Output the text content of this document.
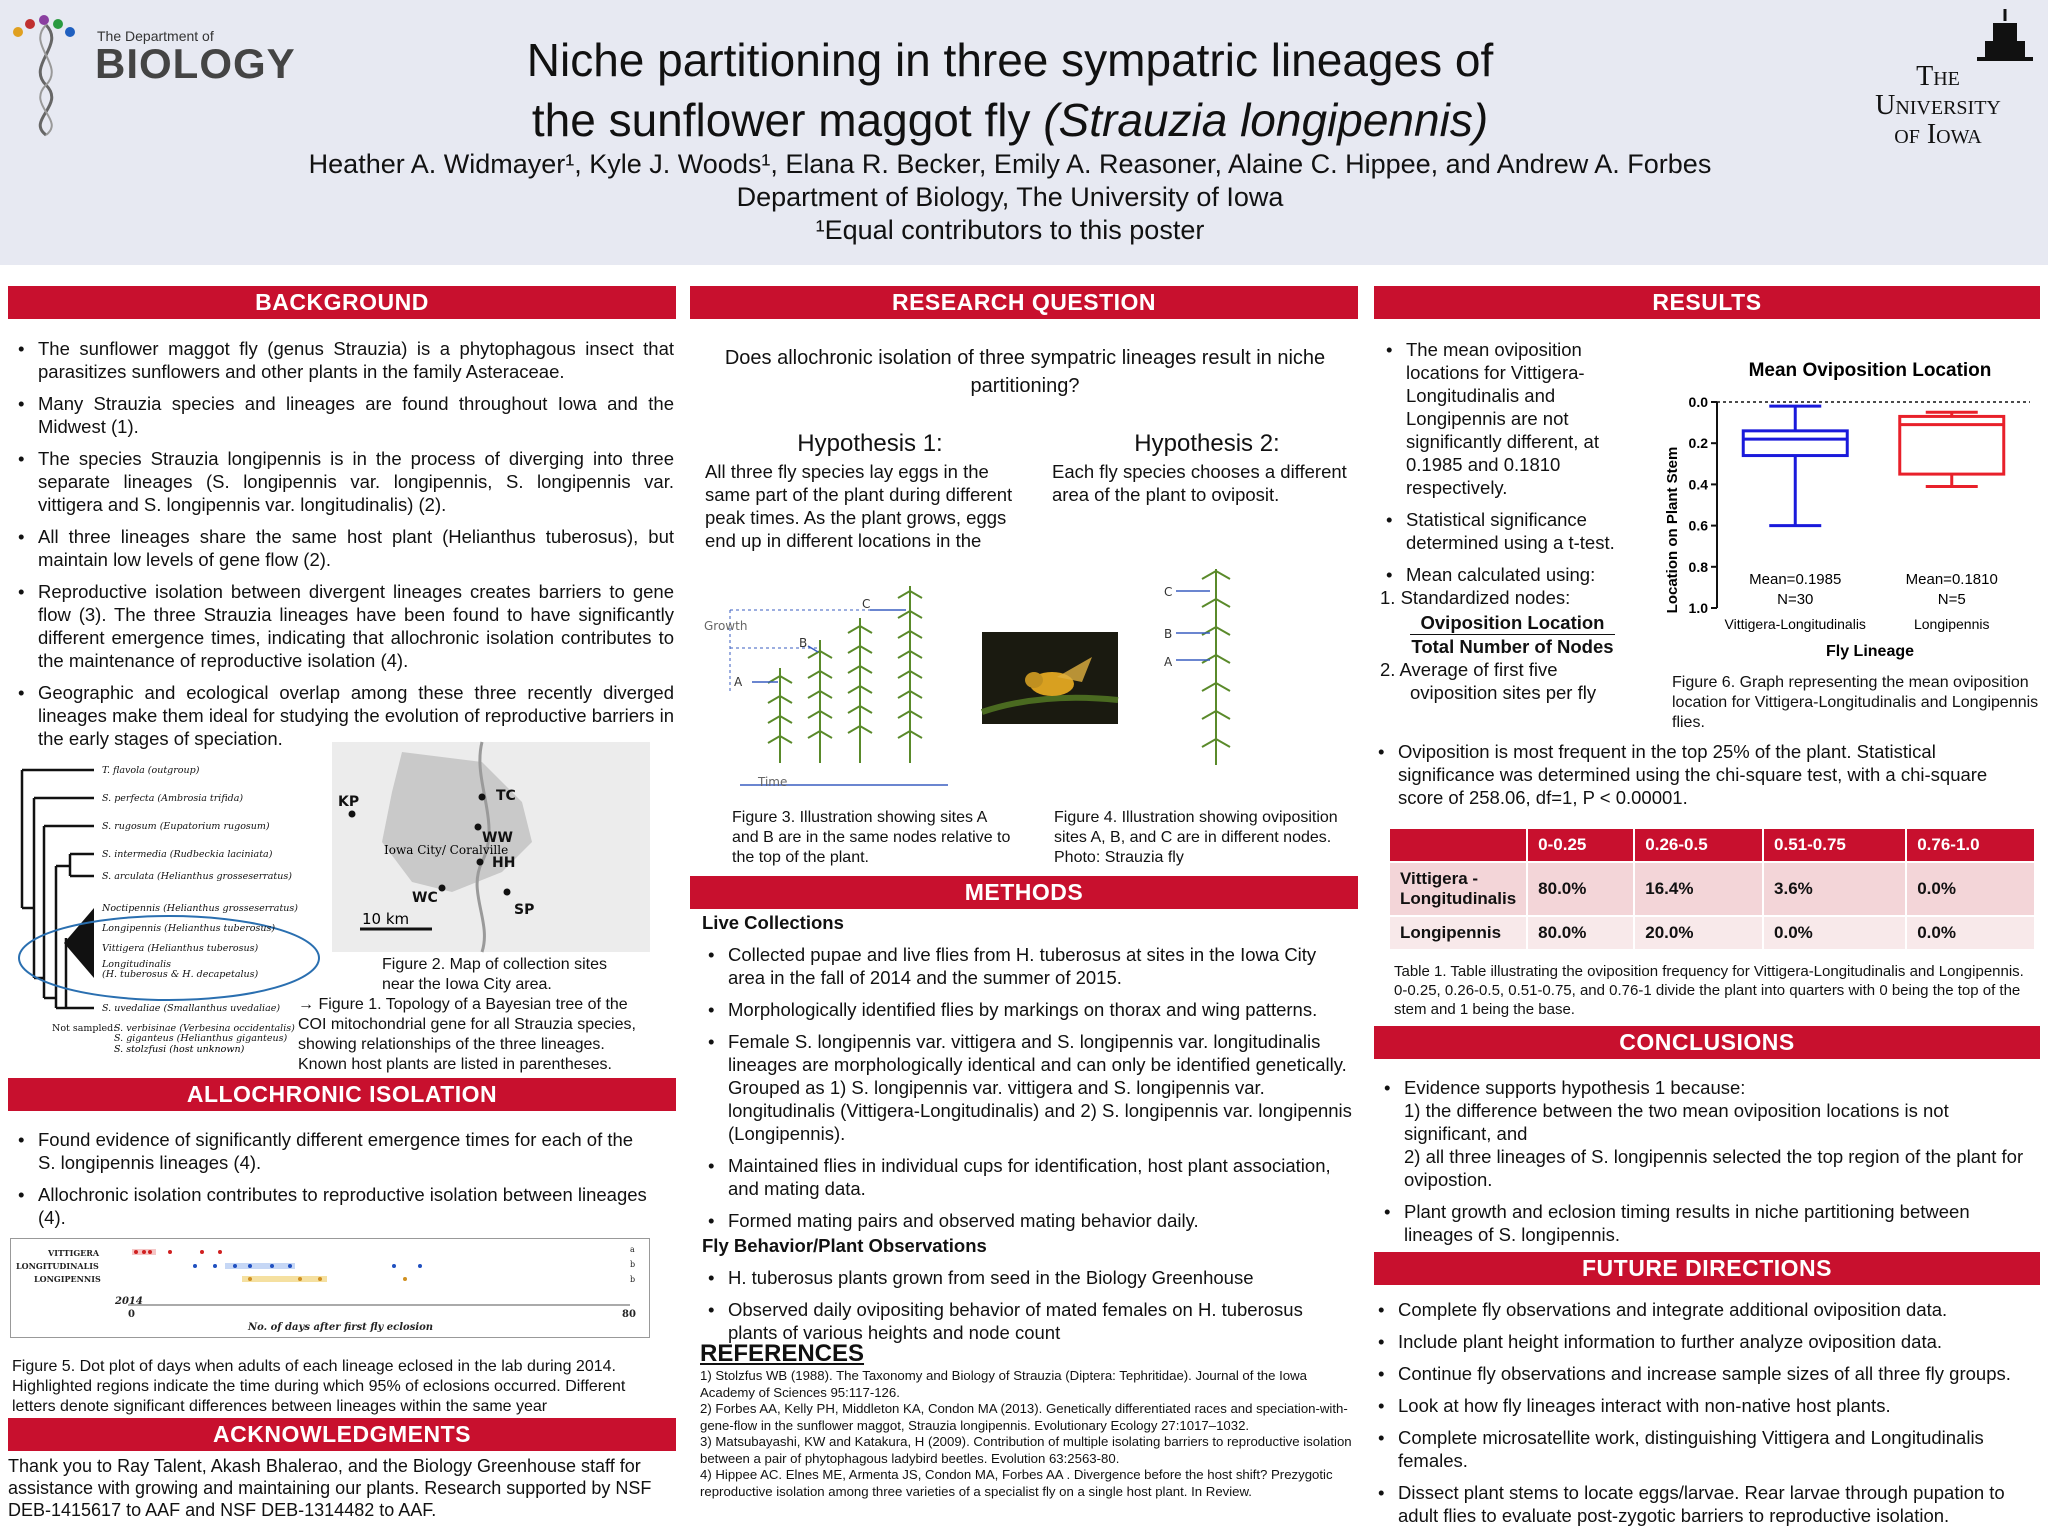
The Department of
BIOLOGY	Niche partitioning in three sympatric lineages of
the sunflower maggot fly (Strauzia longipennis)
Heather A. Widmayer¹, Kyle J. Woods¹, Elana R. Becker, Emily A. Reasoner, Alaine C. Hippee, and Andrew A. Forbes
Department of Biology, The University of Iowa
¹Equal contributors to this poster
The
University
of Iowa
BACKGROUND
• The sunflower maggot fly (genus Strauzia) is a phytophagous insect that parasitizes sunflowers and other plants in the family Asteraceae.
• Many Strauzia species and lineages are found throughout Iowa and the Midwest (1).
• The species Strauzia longipennis is in the process of diverging into three separate lineages (S. longipennis var. longipennis, S. longipennis var. vittigera and S. longipennis var. longitudinalis) (2).
• All three lineages share the same host plant (Helianthus tuberosus), but maintain low levels of gene flow (2).
• Reproductive isolation between divergent lineages creates barriers to gene flow (3). The three Strauzia lineages have been found to have significantly different emergence times, indicating that allochronic isolation contributes to the maintenance of reproductive isolation (4).
• Geographic and ecological overlap among these three recently diverged lineages make them ideal for studying the evolution of reproductive barriers in the early stages of speciation.
T. flavola (outgroup)
S. perfecta (Ambrosia trifida)
S. rugosum (Eupatorium rugosum)
S. intermedia (Rudbeckia laciniata)
S. arculata (Helianthus grosseserratus)
Noctipennis (Helianthus grosseserratus)
Longipennis (Helianthus tuberosus)
Vittigera (Helianthus tuberosus)
Longitudinalis
(H. tuberosus & H. decapetalus)
S. uvedaliae (Smallanthus uvedaliae)
Not sampled:
S. verbisinae (Verbesina occidentalis)
S. giganteus (Helianthus giganteus)
S. stolzfusi (host unknown)
KP	TC
WW
HH
WC
SP
Iowa City/ Coralville
10 km
Figure 2. Map of collection sites near the Iowa City area.
→ Figure 1. Topology of a Bayesian tree of the COI mitochondrial gene for all Strauzia species, showing relationships of the three lineages. Known host plants are listed in parentheses.
ALLOCHRONIC ISOLATION
• Found evidence of significantly different emergence times for each of the S. longipennis lineages (4).
• Allochronic isolation contributes to reproductive isolation between lineages (4).
VITTIGERA
LONGITUDINALIS
LONGIPENNIS
a
b
b
2014
0	80
No. of days after first fly eclosion
Figure 5. Dot plot of days when adults of each lineage eclosed in the lab during 2014. Highlighted regions indicate the time during which 95% of eclosions occurred. Different letters denote significant differences between lineages within the same year
ACKNOWLEDGMENTS
Thank you to Ray Talent, Akash Bhalerao, and the Biology Greenhouse staff for assistance with growing and maintaining our plants. Research supported by NSF DEB-1415617 to AAF and NSF DEB-1314482 to AAF.
RESEARCH QUESTION
Does allochronic isolation of three sympatric lineages result in niche partitioning?
Hypothesis 1:
All three fly species lay eggs in the same part of the plant during different peak times. As the plant grows, eggs end up in different locations in the
Hypothesis 2:
Each fly species chooses a different area of the plant to oviposit.
Growth
Time
A
B
C
A
B
C
Figure 3. Illustration showing sites A and B are in the same nodes relative to the top of the plant.
Figure 4. Illustration showing oviposition sites A, B, and C are in different nodes. Photo: Strauzia fly
METHODS
Live Collections
• Collected pupae and live flies from H. tuberosus at sites in the Iowa City area in the fall of 2014 and the summer of 2015.
• Morphologically identified flies by markings on thorax and wing patterns.
• Female S. longipennis var. vittigera and S. longipennis var. longitudinalis lineages are morphologically identical and can only be identified genetically. Grouped as 1) S. longipennis var. vittigera and S. longipennis var. longitudinalis (Vittigera-Longitudinalis) and 2) S. longipennis var. longipennis (Longipennis).
• Maintained flies in individual cups for identification, host plant association, and mating data.
• Formed mating pairs and observed mating behavior daily.
Fly Behavior/Plant Observations
• H. tuberosus plants grown from seed in the Biology Greenhouse
• Observed daily ovipositing behavior of mated females on H. tuberosus plants of various heights and node count
REFERENCES
1) Stolzfus WB (1988). The Taxonomy and Biology of Strauzia (Diptera: Tephritidae). Journal of the Iowa Academy of Sciences 95:117-126.
2) Forbes AA, Kelly PH, Middleton KA, Condon MA (2013). Genetically differentiated races and speciation-with-gene-flow in the sunflower maggot, Strauzia longipennis. Evolutionary Ecology 27:1017–1032.
3) Matsubayashi, KW and Katakura, H (2009). Contribution of multiple isolating barriers to reproductive isolation between a pair of phytophagous ladybird beetles. Evolution 63:2563-80.
4) Hippee AC. Elnes ME, Armenta JS, Condon MA, Forbes AA . Divergence before the host shift? Prezygotic reproductive isolation among three varieties of a specialist fly on a single host plant. In Review.
RESULTS
• The mean oviposition locations for Vittigera-Longitudinalis and Longipennis are not significantly different, at 0.1985 and 0.1810 respectively.
• Statistical significance determined using a t-test.
• Mean calculated using:
1. Standardized nodes:
Oviposition Location
Total Number of Nodes
2. Average of first five oviposition sites per fly
Mean Oviposition Location
Location on Plant Stem
Fly Lineage
0.0
0.2
0.4
0.6
0.8
1.0
Mean=0.1985
N=30
Vittigera-Longitudinalis
Mean=0.1810
N=5
Longipennis
Figure 6. Graph representing the mean oviposition location for Vittigera-Longitudinalis and Longipennis flies.
• Oviposition is most frequent in the top 25% of the plant. Statistical significance was determined using the chi-square test, with a chi-square score of 258.06, df=1, P < 0.00001.
	0-0.25	0.26-0.5	0.51-0.75	0.76-1.0
Vittigera - Longitudinalis	80.0%	16.4%	3.6%	0.0%
Longipennis	80.0%	20.0%	0.0%	0.0%
Table 1. Table illustrating the oviposition frequency for Vittigera-Longitudinalis and Longipennis. 0-0.25, 0.26-0.5, 0.51-0.75, and 0.76-1 divide the plant into quarters with 0 being the top of the stem and 1 being the base.
CONCLUSIONS
• Evidence supports hypothesis 1 because:
1) the difference between the two mean oviposition locations is not significant, and
2) all three lineages of S. longipennis selected the top region of the plant for ovipostion.
• Plant growth and eclosion timing results in niche partitioning between lineages of S. longipennis.
FUTURE DIRECTIONS
• Complete fly observations and integrate additional oviposition data.
• Include plant height information to further analyze oviposition data.
• Continue fly observations and increase sample sizes of all three fly groups.
• Look at how fly lineages interact with non-native host plants.
• Complete microsatellite work, distinguishing Vittigera and Longitudinalis females.
• Dissect plant stems to locate eggs/larvae. Rear larvae through pupation to adult flies to evaluate post-zygotic barriers to reproductive isolation.
